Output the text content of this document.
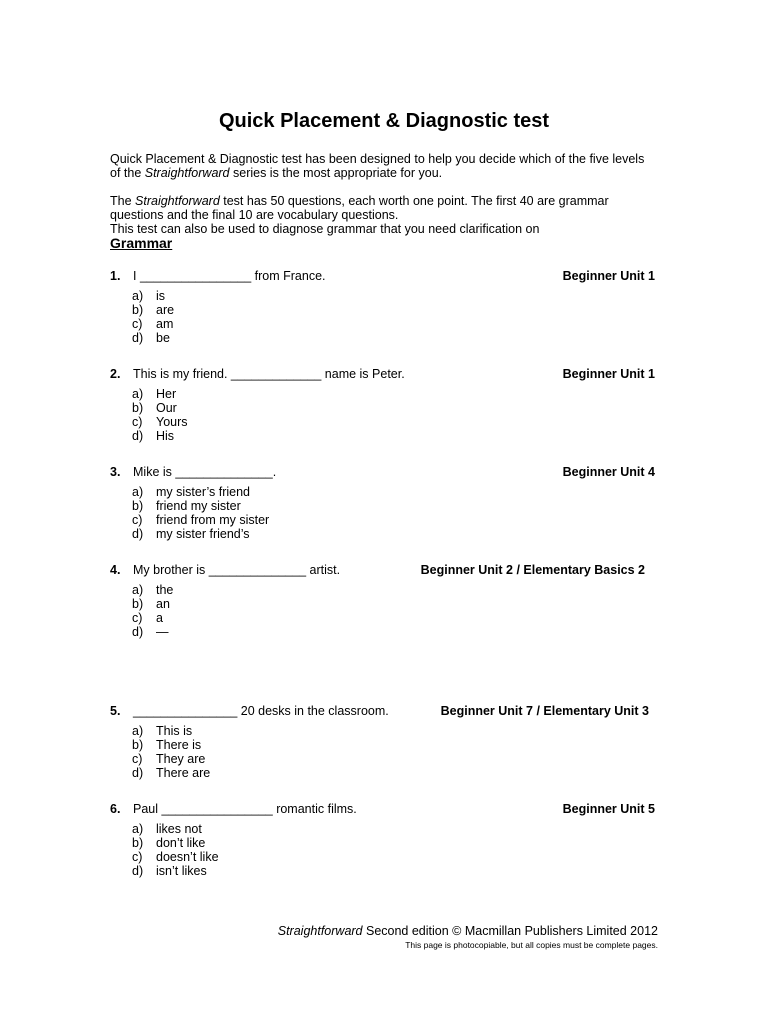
Quick Placement & Diagnostic test
Quick Placement & Diagnostic test has been designed to help you decide which of the five levels of the Straightforward series is the most appropriate for you.
The Straightforward test has 50 questions, each worth one point. The first 40 are grammar questions and the final 10 are vocabulary questions.
This test can also be used to diagnose grammar that you need clarification on
Grammar
1. I ________________ from France.	Beginner Unit 1
a) is
b) are
c) am
d) be
2. This is my friend. _____________ name is Peter.	Beginner Unit 1
a) Her
b) Our
c) Yours
d) His
3. Mike is ______________.	Beginner Unit 4
a) my sister’s friend
b) friend my sister
c) friend from my sister
d) my sister friend’s
4. My brother is ______________ artist.	Beginner Unit 2 / Elementary Basics 2
a) the
b) an
c) a
d) —
5. _______________ 20 desks in the classroom.	Beginner Unit 7 / Elementary Unit 3
a) This is
b) There is
c) They are
d) There are
6. Paul ________________ romantic films.	Beginner Unit 5
a) likes not
b) don’t like
c) doesn’t like
d) isn’t likes
Straightforward Second edition © Macmillan Publishers Limited 2012
This page is photocopiable, but all copies must be complete pages.
